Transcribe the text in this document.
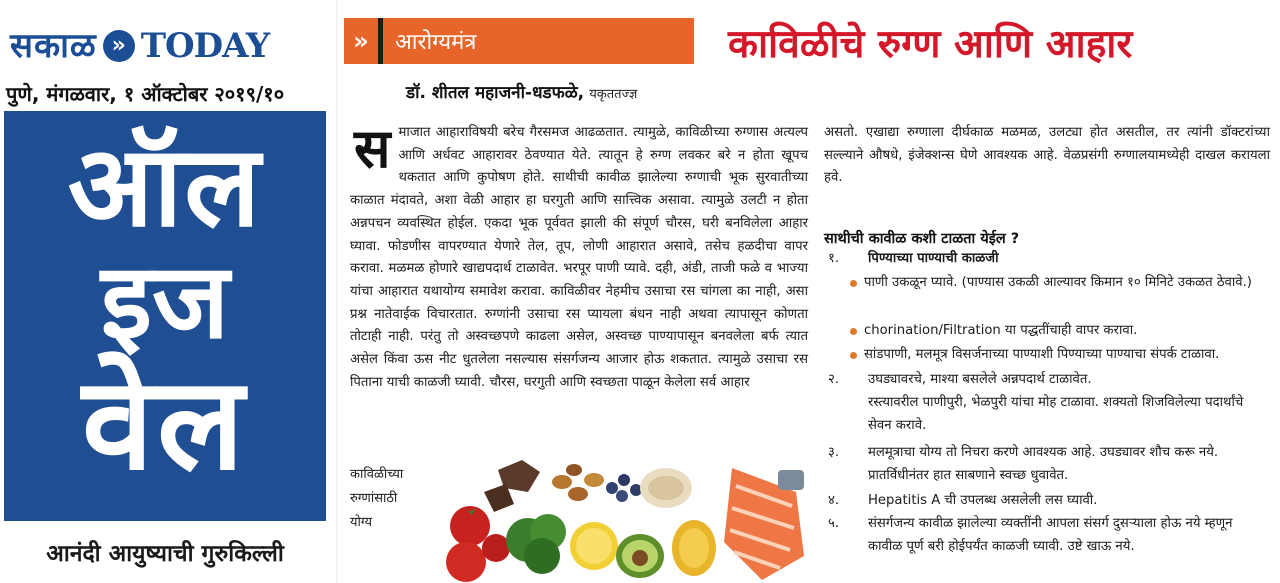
सकाळ » TODAY
पुणे, मंगळवार, १ ऑक्टोबर २०१९/१०
ऑल
इज
वेल
आनंदी आयुष्याची गुरुकिल्ली
»	आरोग्यमंत्र	काविळीचे रुग्ण आणि आहार
डॉ. शीतल महाजनी-धडफळे, यकृततज्ज्ञ
समाजात आहाराविषयी बरेच गैरसमज आढळतात. त्यामुळे, काविळीच्या रुग्णास अत्यल्प आणि अर्धवट आहारावर ठेवण्यात येते. त्यातून हे रुग्ण लवकर बरे न होता खूपच थकतात आणि कुपोषण होते. साथीची कावीळ झालेल्या रुग्णाची भूक सुरवातीच्या काळात मंदावते, अशा वेळी आहार हा घरगुती आणि सात्त्विक असावा. त्यामुळे उलटी न होता अन्नपचन व्यवस्थित होईल. एकदा भूक पूर्ववत झाली की संपूर्ण चौरस, घरी बनविलेला आहार घ्यावा. फोडणीस वापरण्यात येणारे तेल, तूप, लोणी आहारात असावे, तसेच हळदीचा वापर करावा. मळमळ होणारे खाद्यपदार्थ टाळावेत. भरपूर पाणी प्यावे. दही, अंडी, ताजी फळे व भाज्या यांचा आहारात यथायोग्य समावेश करावा. काविळीवर नेहमीच उसाचा रस चांगला का नाही, असा प्रश्न नातेवाईक विचारतात. रुग्णांनी उसाचा रस प्यायला बंधन नाही अथवा त्यापासून कोणता तोटाही नाही. परंतु तो अस्वच्छपणे काढला असेल, अस्वच्छ पाण्यापासून बनवलेला बर्फ त्यात असेल किंवा ऊस नीट धुतलेला नसल्यास संसर्गजन्य आजार होऊ शकतात. त्यामुळे उसाचा रस पिताना याची काळजी घ्यावी. चौरस, घरगुती आणि स्वच्छता पाळून केलेला सर्व आहार
काविळीच्या
रुग्णांसाठी
योग्य
असतो. एखाद्या रुग्णाला दीर्घकाळ मळमळ, उलट्या होत असतील, तर त्यांनी डॉक्टरांच्या सल्ल्याने औषधे, इंजेक्शन्स घेणे आवश्यक आहे. वेळप्रसंगी रुग्णालयामध्येही दाखल करायला हवे.
साथीची कावीळ कशी टाळता येईल ?
१. पिण्याच्या पाण्याची काळजी
पाणी उकळून प्यावे. (पाण्यास उकळी आल्यावर किमान १० मिनिटे उकळत ठेवावे.)
chorination/Filtration या पद्धतींचाही वापर करावा.
सांडपाणी, मलमूत्र विसर्जनाच्या पाण्याशी पिण्याच्या पाण्याचा संपर्क टाळावा.
२. उघड्यावरचे, माश्या बसलेले अन्नपदार्थ टाळावेत.
रस्त्यावरील पाणीपुरी, भेळपुरी यांचा मोह टाळावा. शक्यतो शिजविलेल्या पदार्थांचे सेवन करावे.
३. मलमूत्राचा योग्य तो निचरा करणे आवश्यक आहे. उघड्यावर शौच करू नये. प्रातर्विधीनंतर हात साबणाने स्वच्छ धुवावेत.
४. Hepatitis A ची उपलब्ध असलेली लस घ्यावी.
५. संसर्गजन्य कावीळ झालेल्या व्यक्तींनी आपला संसर्ग दुसऱ्याला होऊ नये म्हणून कावीळ पूर्ण बरी होईपर्यंत काळजी घ्यावी. उष्टे खाऊ नये.
